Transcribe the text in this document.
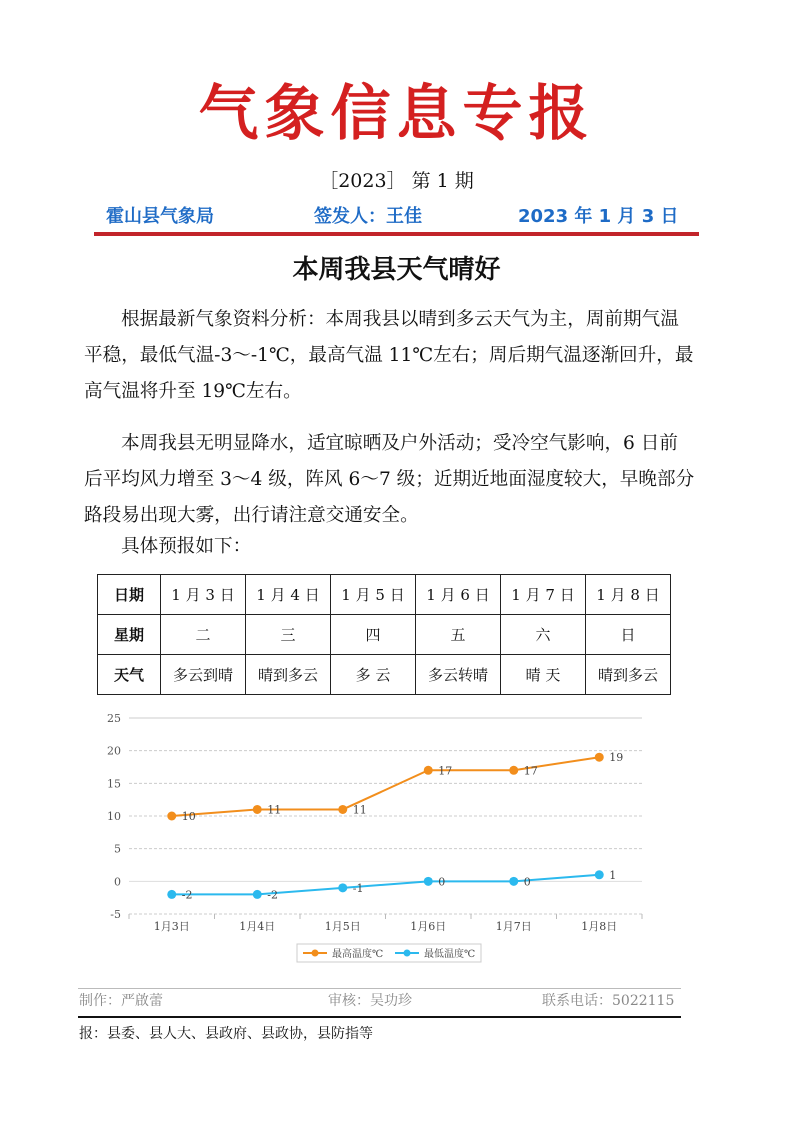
气象信息专报
［2023］ 第 1 期
霍山县气象局	签发人：王佳	2023 年 1 月 3 日
本周我县天气晴好
根据最新气象资料分析：本周我县以晴到多云天气为主，周前期气温平稳，最低气温-3～-1℃，最高气温 11℃左右；周后期气温逐渐回升，最高气温将升至 19℃左右。
本周我县无明显降水，适宜晾晒及户外活动；受冷空气影响，6 日前后平均风力增至 3～4 级，阵风 6～7 级；近期近地面湿度较大，早晚部分路段易出现大雾，出行请注意交通安全。
具体预报如下：
日期	1 月 3 日	1 月 4 日	1 月 5 日	1 月 6 日	1 月 7 日	1 月 8 日
星期	二	三	四	五	六	日
天气	多云到晴	晴到多云	多 云	多云转晴	晴 天	晴到多云
-5
0
5
10
15
20
25
1月3日	1月4日	1月5日	1月6日	1月7日	1月8日
10
11	11
17	17
19
-2	-2
-1
0	0
1
最高温度℃	最低温度℃
制作：严啟蕾	审核：吴功珍	联系电话：5022115
报：县委、县人大、县政府、县政协，县防指等
